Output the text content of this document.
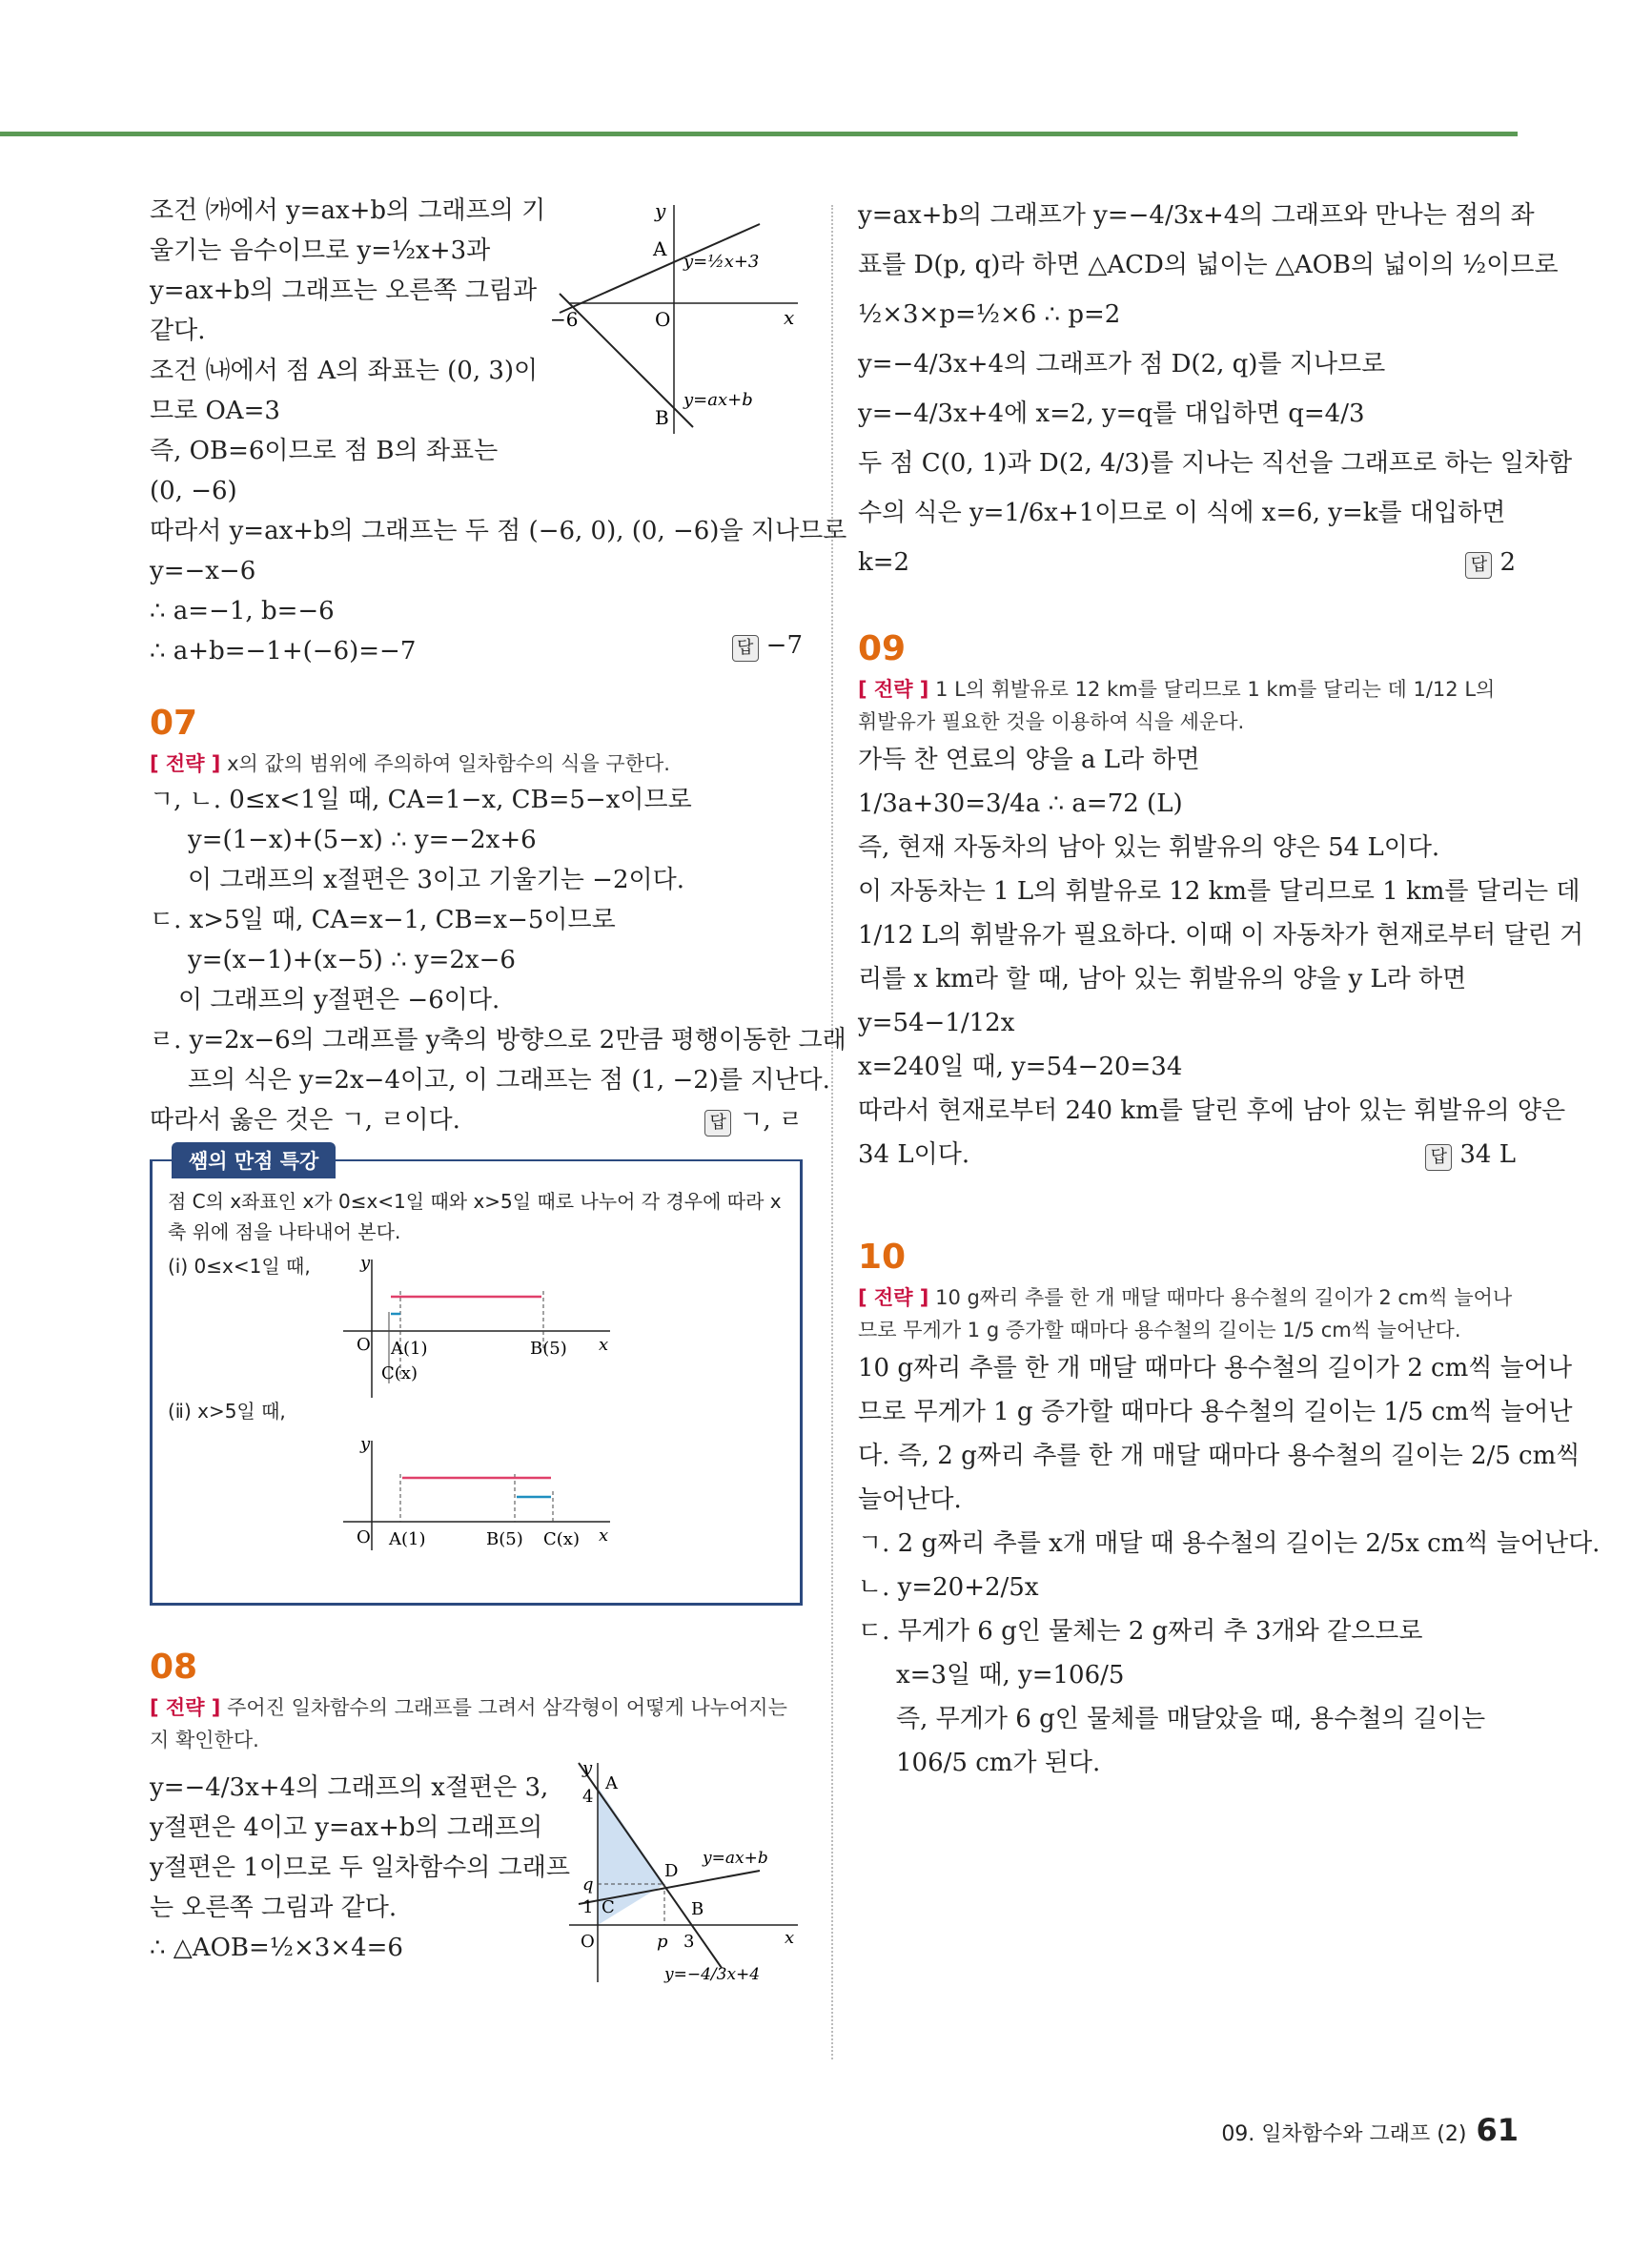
조건 ㈎에서 y=ax+b의 그래프의 기
울기는 음수이므로 y=½x+3과
y=ax+b의 그래프는 오른쪽 그림과
같다.
조건 ㈏에서 점 A의 좌표는 (0, 3)이
므로 OA=3
즉, OB=6이므로 점 B의 좌표는
(0, −6)
따라서 y=ax+b의 그래프는 두 점 (−6, 0), (0, −6)을 지나므로
y=−x−6
∴ a=−1, b=−6
∴ a+b=−1+(−6)=−7	답 −7
y
x
O
−6
A
B
y=½x+3
y=ax+b
07
[ 전략 ] x의 값의 범위에 주의하여 일차함수의 식을 구한다.
ㄱ, ㄴ. 0≤x<1일 때, CA=1−x, CB=5−x이므로
y=(1−x)+(5−x) ∴ y=−2x+6
이 그래프의 x절편은 3이고 기울기는 −2이다.
ㄷ. x>5일 때, CA=x−1, CB=x−5이므로
y=(x−1)+(x−5) ∴ y=2x−6
이 그래프의 y절편은 −6이다.
ㄹ. y=2x−6의 그래프를 y축의 방향으로 2만큼 평행이동한 그래
프의 식은 y=2x−4이고, 이 그래프는 점 (1, −2)를 지난다.
따라서 옳은 것은 ㄱ, ㄹ이다.	답 ㄱ, ㄹ
쌤의 만점 특강
점 C의 x좌표인 x가 0≤x<1일 때와 x>5일 때로 나누어 각 경우에 따라 x축 위에 점을 나타내어 본다.
(ⅰ) 0≤x<1일 때,	y
x
O A(1)	B(5)
C(x)
(ⅱ) x>5일 때,
y
x
O A(1)	B(5) C(x)
08
[ 전략 ] 주어진 일차함수의 그래프를 그려서 삼각형이 어떻게 나누어지는지 확인한다.
y=−4/3x+4의 그래프의 x절편은 3,
y절편은 4이고 y=ax+b의 그래프의
y절편은 1이므로 두 일차함수의 그래프
는 오른쪽 그림과 같다.
∴ △AOB=½×3×4=6
y
x
O
A
4
D
q
1 C	B
p 3
y=ax+b
y=−4/3x+4
y=ax+b의 그래프가 y=−4/3x+4의 그래프와 만나는 점의 좌
표를 D(p, q)라 하면 △ACD의 넓이는 △AOB의 넓이의 ½이므로
½×3×p=½×6 ∴ p=2
y=−4/3x+4의 그래프가 점 D(2, q)를 지나므로
y=−4/3x+4에 x=2, y=q를 대입하면 q=4/3
두 점 C(0, 1)과 D(2, 4/3)를 지나는 직선을 그래프로 하는 일차함
수의 식은 y=1/6x+1이므로 이 식에 x=6, y=k를 대입하면
k=2	답 2
09
[ 전략 ] 1 L의 휘발유로 12 km를 달리므로 1 km를 달리는 데 1/12 L의 휘발유가 필요한 것을 이용하여 식을 세운다.
가득 찬 연료의 양을 a L라 하면
1/3a+30=3/4a ∴ a=72 (L)
즉, 현재 자동차의 남아 있는 휘발유의 양은 54 L이다.
이 자동차는 1 L의 휘발유로 12 km를 달리므로 1 km를 달리는 데
1/12 L의 휘발유가 필요하다. 이때 이 자동차가 현재로부터 달린 거
리를 x km라 할 때, 남아 있는 휘발유의 양을 y L라 하면
y=54−1/12x
x=240일 때, y=54−20=34
따라서 현재로부터 240 km를 달린 후에 남아 있는 휘발유의 양은
34 L이다.	답 34 L
10
[ 전략 ] 10 g짜리 추를 한 개 매달 때마다 용수철의 길이가 2 cm씩 늘어나므로 무게가 1 g 증가할 때마다 용수철의 길이는 1/5 cm씩 늘어난다.
10 g짜리 추를 한 개 매달 때마다 용수철의 길이가 2 cm씩 늘어나
므로 무게가 1 g 증가할 때마다 용수철의 길이는 1/5 cm씩 늘어난
다. 즉, 2 g짜리 추를 한 개 매달 때마다 용수철의 길이는 2/5 cm씩
늘어난다.
ㄱ. 2 g짜리 추를 x개 매달 때 용수철의 길이는 2/5x cm씩 늘어난다.
ㄴ. y=20+2/5x
ㄷ. 무게가 6 g인 물체는 2 g짜리 추 3개와 같으므로
x=3일 때, y=106/5
즉, 무게가 6 g인 물체를 매달았을 때, 용수철의 길이는
106/5 cm가 된다.
09. 일차함수와 그래프 (2) 61
